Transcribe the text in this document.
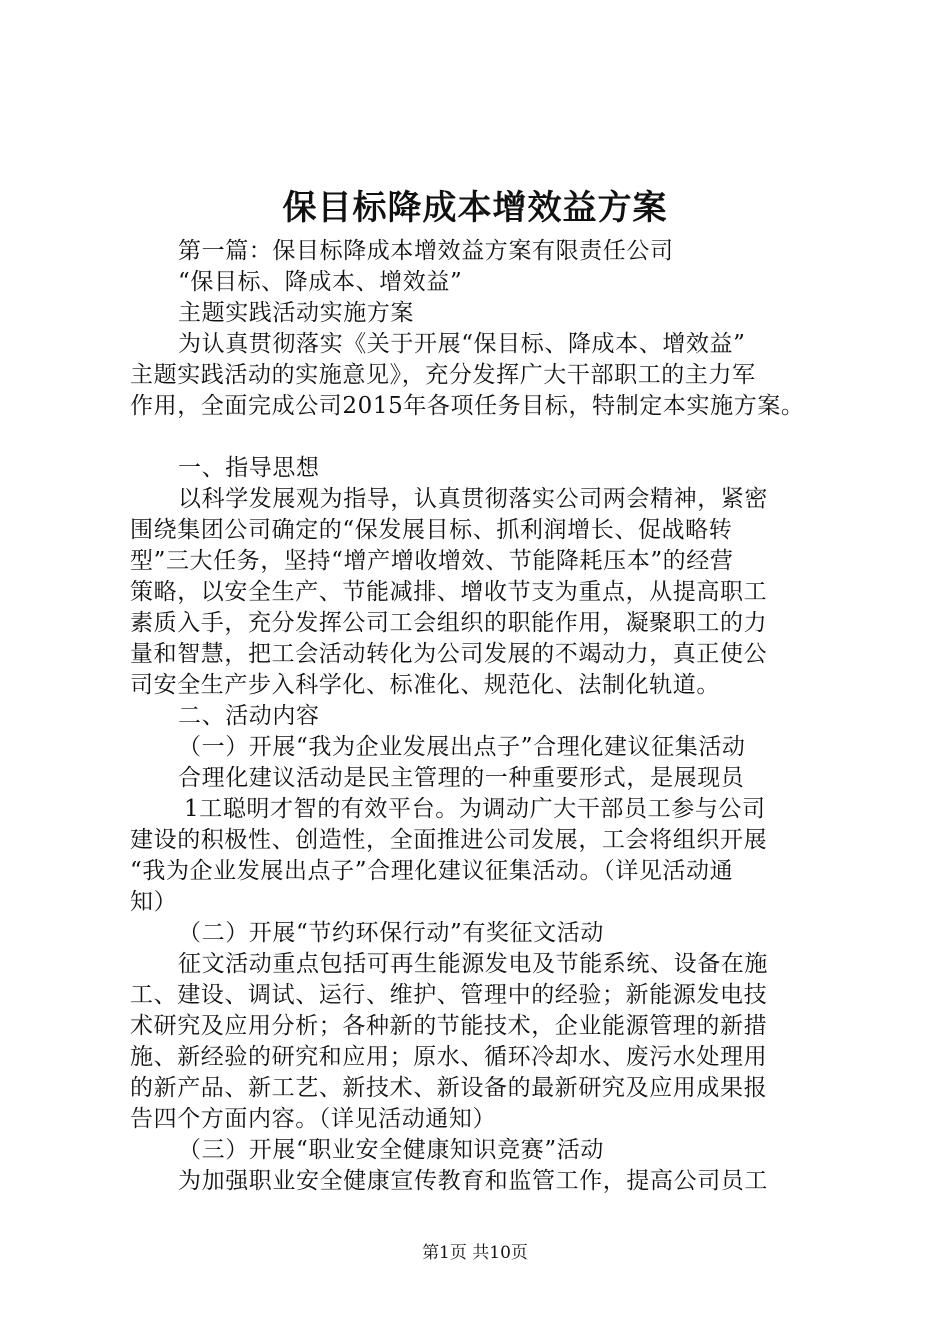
保目标降成本增效益方案
第一篇：保目标降成本增效益方案有限责任公司
“保目标、降成本、增效益”
主题实践活动实施方案
为认真贯彻落实《关于开展“保目标、降成本、增效益”
主题实践活动的实施意见》，充分发挥广大干部职工的主力军
作用，全面完成公司2015年各项任务目标，特制定本实施方案。
一、指导思想
以科学发展观为指导，认真贯彻落实公司两会精神，紧密
围绕集团公司确定的“保发展目标、抓利润增长、促战略转
型”三大任务，坚持“增产增收增效、节能降耗压本”的经营
策略，以安全生产、节能减排、增收节支为重点，从提高职工
素质入手，充分发挥公司工会组织的职能作用，凝聚职工的力
量和智慧，把工会活动转化为公司发展的不竭动力，真正使公
司安全生产步入科学化、标准化、规范化、法制化轨道。
二、活动内容
（一）开展“我为企业发展出点子”合理化建议征集活动
合理化建议活动是民主管理的一种重要形式，是展现员
1工聪明才智的有效平台。为调动广大干部员工参与公司
建设的积极性、创造性，全面推进公司发展，工会将组织开展
“我为企业发展出点子”合理化建议征集活动。（详见活动通
知）
（二）开展“节约环保行动”有奖征文活动
征文活动重点包括可再生能源发电及节能系统、设备在施
工、建设、调试、运行、维护、管理中的经验；新能源发电技
术研究及应用分析；各种新的节能技术，企业能源管理的新措
施、新经验的研究和应用；原水、循环冷却水、废污水处理用
的新产品、新工艺、新技术、新设备的最新研究及应用成果报
告四个方面内容。（详见活动通知）
（三）开展“职业安全健康知识竞赛”活动
为加强职业安全健康宣传教育和监管工作，提高公司员工
第1页 共10页
